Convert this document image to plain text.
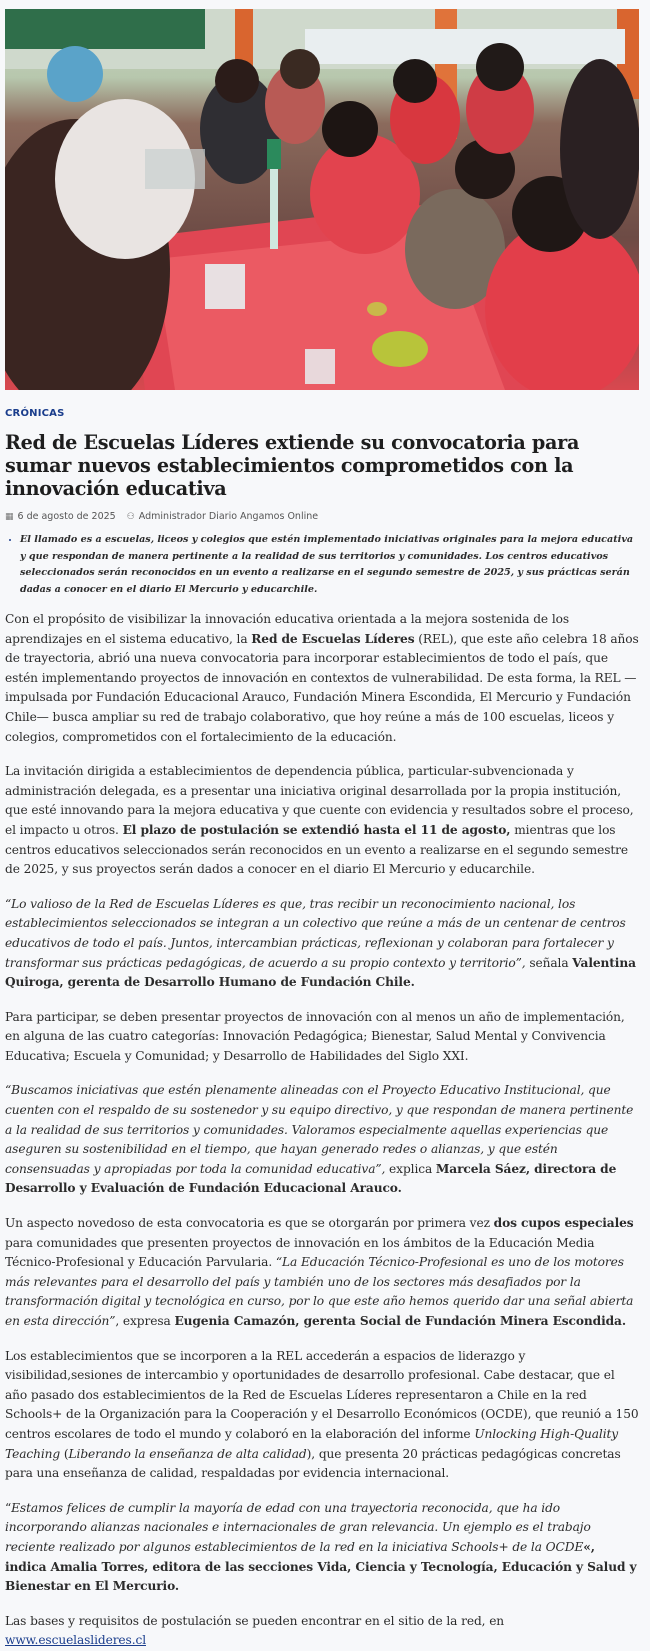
CRÓNICAS
Red de Escuelas Líderes extiende su convocatoria para sumar nuevos establecimientos comprometidos con la innovación educativa
▦ 6 de agosto de 2025 ⚇ Administrador Diario Angamos Online
• El llamado es a escuelas, liceos y colegios que estén implementado iniciativas originales para la mejora educativa y que respondan de manera pertinente a la realidad de sus territorios y comunidades. Los centros educativos seleccionados serán reconocidos en un evento a realizarse en el segundo semestre de 2025, y sus prácticas serán dadas a conocer en el diario El Mercurio y educarchile.

Con el propósito de visibilizar la innovación educativa orientada a la mejora sostenida de los aprendizajes en el sistema educativo, la Red de Escuelas Líderes (REL), que este año celebra 18 años de trayectoria, abrió una nueva convocatoria para incorporar establecimientos de todo el país, que estén implementando proyectos de innovación en contextos de vulnerabilidad. De esta forma, la REL —impulsada por Fundación Educacional Arauco, Fundación Minera Escondida, El Mercurio y Fundación Chile— busca ampliar su red de trabajo colaborativo, que hoy reúne a más de 100 escuelas, liceos y colegios, comprometidos con el fortalecimiento de la educación.

La invitación dirigida a establecimientos de dependencia pública, particular-subvencionada y administración delegada, es a presentar una iniciativa original desarrollada por la propia institución, que esté innovando para la mejora educativa y que cuente con evidencia y resultados sobre el proceso, el impacto u otros. El plazo de postulación se extendió hasta el 11 de agosto, mientras que los centros educativos seleccionados serán reconocidos en un evento a realizarse en el segundo semestre de 2025, y sus proyectos serán dados a conocer en el diario El Mercurio y educarchile.

“Lo valioso de la Red de Escuelas Líderes es que, tras recibir un reconocimiento nacional, los establecimientos seleccionados se integran a un colectivo que reúne a más de un centenar de centros educativos de todo el país. Juntos, intercambian prácticas, reflexionan y colaboran para fortalecer y transformar sus prácticas pedagógicas, de acuerdo a su propio contexto y territorio”, señala Valentina Quiroga, gerenta de Desarrollo Humano de Fundación Chile.

Para participar, se deben presentar proyectos de innovación con al menos un año de implementación, en alguna de las cuatro categorías: Innovación Pedagógica; Bienestar, Salud Mental y Convivencia Educativa; Escuela y Comunidad; y Desarrollo de Habilidades del Siglo XXI.

“Buscamos iniciativas que estén plenamente alineadas con el Proyecto Educativo Institucional, que cuenten con el respaldo de su sostenedor y su equipo directivo, y que respondan de manera pertinente a la realidad de sus territorios y comunidades. Valoramos especialmente aquellas experiencias que aseguren su sostenibilidad en el tiempo, que hayan generado redes o alianzas, y que estén consensuadas y apropiadas por toda la comunidad educativa”, explica Marcela Sáez, directora de Desarrollo y Evaluación de Fundación Educacional Arauco.

Un aspecto novedoso de esta convocatoria es que se otorgarán por primera vez dos cupos especiales para comunidades que presenten proyectos de innovación en los ámbitos de la Educación Media Técnico-Profesional y Educación Parvularia. “La Educación Técnico-Profesional es uno de los motores más relevantes para el desarrollo del país y también uno de los sectores más desafiados por la transformación digital y tecnológica en curso, por lo que este año hemos querido dar una señal abierta en esta dirección”, expresa Eugenia Camazón, gerenta Social de Fundación Minera Escondida.

Los establecimientos que se incorporen a la REL accederán a espacios de liderazgo y visibilidad,sesiones de intercambio y oportunidades de desarrollo profesional. Cabe destacar, que el año pasado dos establecimientos de la Red de Escuelas Líderes representaron a Chile en la red Schools+ de la Organización para la Cooperación y el Desarrollo Económicos (OCDE), que reunió a 150 centros escolares de todo el mundo y colaboró en la elaboración del informe Unlocking High-Quality Teaching (Liberando la enseñanza de alta calidad), que presenta 20 prácticas pedagógicas concretas para una enseñanza de calidad, respaldadas por evidencia internacional.

“Estamos felices de cumplir la mayoría de edad con una trayectoria reconocida, que ha ido incorporando alianzas nacionales e internacionales de gran relevancia. Un ejemplo es el trabajo reciente realizado por algunos establecimientos de la red en la iniciativa Schools+ de la OCDE«, indica Amalia Torres, editora de las secciones Vida, Ciencia y Tecnología, Educación y Salud y Bienestar en El Mercurio.

Las bases y requisitos de postulación se pueden encontrar en el sitio de la red, en www.escuelaslideres.cl
